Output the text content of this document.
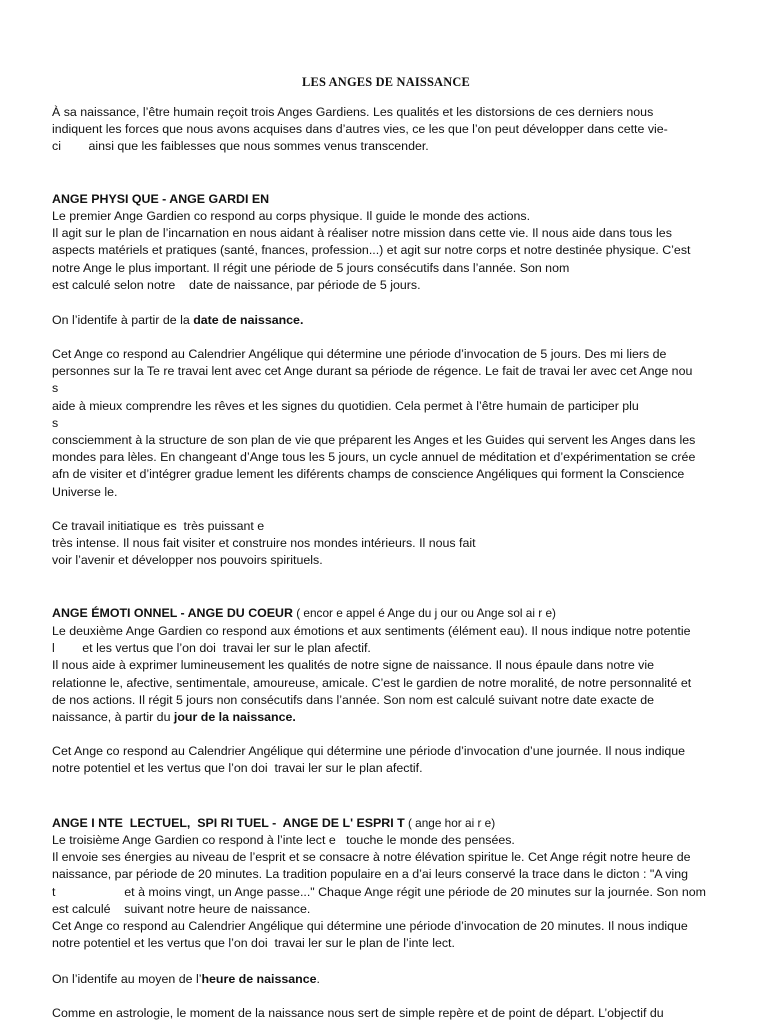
LES ANGES DE NAISSANCE

À sa naissance, l’être humain reçoit trois Anges Gardiens. Les qualités et les distorsions de ces derniers nous

indiquent les forces que nous avons acquises dans d’autres vies, ce les que l’on peut développer dans cette vie-

ci        ainsi que les faiblesses que nous sommes venus transcender.

ANGE PHYSI QUE - ANGE GARDI EN

Le premier Ange Gardien co respond au corps physique. Il guide le monde des actions.

Il agit sur le plan de l’incarnation en nous aidant à réaliser notre mission dans cette vie. Il nous aide dans tous les

aspects matériels et pratiques (santé, fnances, profession...) et agit sur notre corps et notre destinée physique. C’est

notre Ange le plus important. Il régit une période de 5 jours consécutifs dans l’année. Son nom

est calculé selon notre    date de naissance, par période de 5 jours.

On l’identife à partir de la date de naissance.

Cet Ange co respond au Calendrier Angélique qui détermine une période d’invocation de 5 jours. Des mi liers de

personnes sur la Te re travai lent avec cet Ange durant sa période de régence. Le fait de travai ler avec cet Ange nou

s

aide à mieux comprendre les rêves et les signes du quotidien. Cela permet à l’être humain de participer plu

s

consciemment à la structure de son plan de vie que préparent les Anges et les Guides qui servent les Anges dans les

mondes para lèles. En changeant d’Ange tous les 5 jours, un cycle annuel de méditation et d’expérimentation se crée

afn de visiter et d’intégrer gradue lement les diférents champs de conscience Angéliques qui forment la Conscience

Universe le.

Ce travail initiatique es  très puissant e

très intense. Il nous fait visiter et construire nos mondes intérieurs. Il nous fait

voir l’avenir et développer nos pouvoirs spirituels.

ANGE ÉMOTI ONNEL - ANGE DU COEUR ( encor e appel é Ange du j our ou Ange sol ai r e)

Le deuxième Ange Gardien co respond aux émotions et aux sentiments (élément eau). Il nous indique notre potentie

l        et les vertus que l’on doi  travai ler sur le plan afectif.

Il nous aide à exprimer lumineusement les qualités de notre signe de naissance. Il nous épaule dans notre vie

relationne le, afective, sentimentale, amoureuse, amicale. C’est le gardien de notre moralité, de notre personnalité et

de nos actions. Il régit 5 jours non consécutifs dans l’année. Son nom est calculé suivant notre date exacte de

naissance, à partir du jour de la naissance.

Cet Ange co respond au Calendrier Angélique qui détermine une période d’invocation d’une journée. Il nous indique

notre potentiel et les vertus que l’on doi  travai ler sur le plan afectif.

ANGE I NTE  LECTUEL,  SPI RI TUEL -  ANGE DE L' ESPRI T ( ange hor ai r e)

Le troisième Ange Gardien co respond à l’inte lect e   touche le monde des pensées.

Il envoie ses énergies au niveau de l’esprit et se consacre à notre élévation spiritue le. Cet Ange régit notre heure de

naissance, par période de 20 minutes. La tradition populaire en a d’ai leurs conservé la trace dans le dicton : "A ving

t                    et à moins vingt, un Ange passe..." Chaque Ange régit une période de 20 minutes sur la journée. Son nom

est calculé    suivant notre heure de naissance.

Cet Ange co respond au Calendrier Angélique qui détermine une période d’invocation de 20 minutes. Il nous indique

notre potentiel et les vertus que l’on doi  travai ler sur le plan de l’inte lect.

On l’identife au moyen de l’heure de naissance.

Comme en astrologie, le moment de la naissance nous sert de simple repère et de point de départ. L’objectif du
